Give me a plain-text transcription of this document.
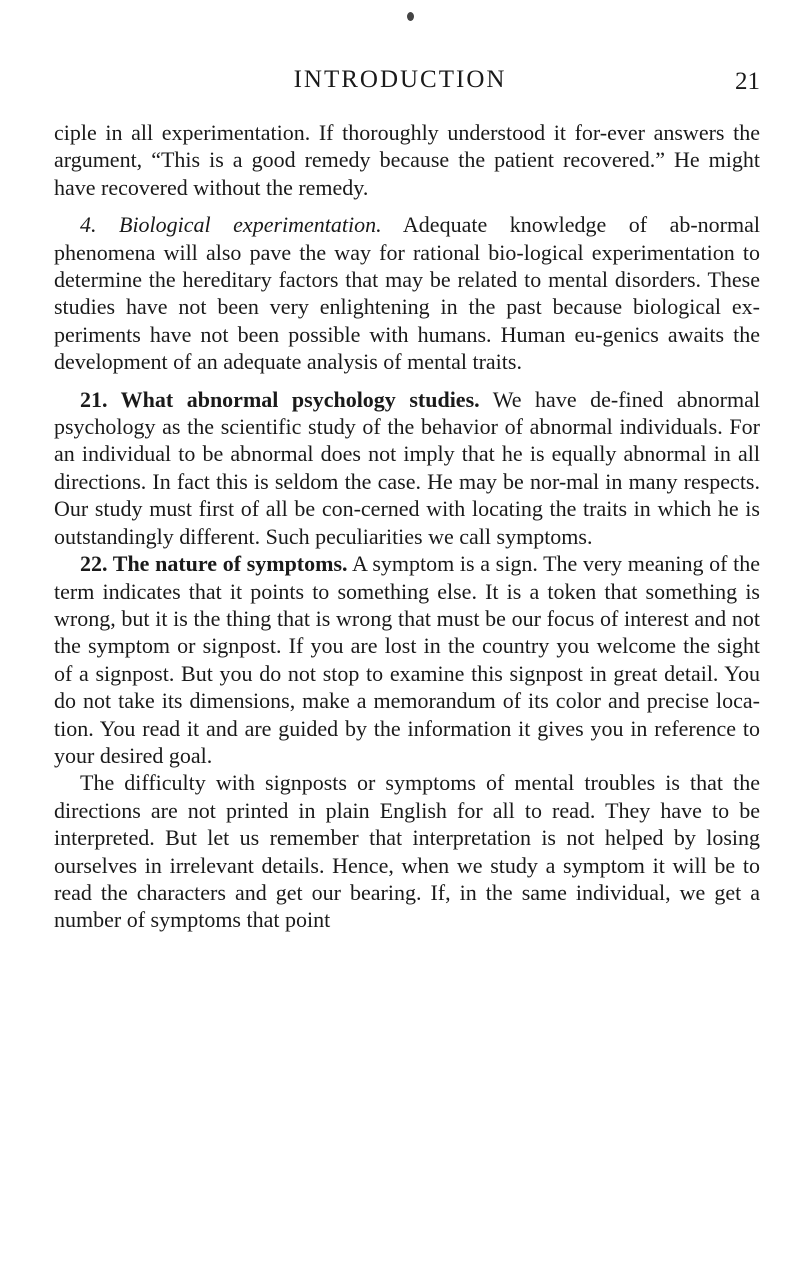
INTRODUCTION	21

ciple in all experimentation. If thoroughly understood it for-ever answers the argument, “This is a good remedy because the patient recovered.” He might have recovered without the remedy.

4. Biological experimentation. Adequate knowledge of ab-normal phenomena will also pave the way for rational bio-logical experimentation to determine the hereditary factors that may be related to mental disorders. These studies have not been very enlightening in the past because biological ex-periments have not been possible with humans. Human eu-genics awaits the development of an adequate analysis of mental traits.

21. What abnormal psychology studies. We have de-fined abnormal psychology as the scientific study of the behavior of abnormal individuals. For an individual to be abnormal does not imply that he is equally abnormal in all directions. In fact this is seldom the case. He may be nor-mal in many respects. Our study must first of all be con-cerned with locating the traits in which he is outstandingly different. Such peculiarities we call symptoms.

22. The nature of symptoms. A symptom is a sign. The very meaning of the term indicates that it points to something else. It is a token that something is wrong, but it is the thing that is wrong that must be our focus of interest and not the symptom or signpost. If you are lost in the country you welcome the sight of a signpost. But you do not stop to examine this signpost in great detail. You do not take its dimensions, make a memorandum of its color and precise loca-tion. You read it and are guided by the information it gives you in reference to your desired goal.

The difficulty with signposts or symptoms of mental troubles is that the directions are not printed in plain English for all to read. They have to be interpreted. But let us remember that interpretation is not helped by losing ourselves in irrelevant details. Hence, when we study a symptom it will be to read the characters and get our bearing. If, in the same individual, we get a number of symptoms that point
